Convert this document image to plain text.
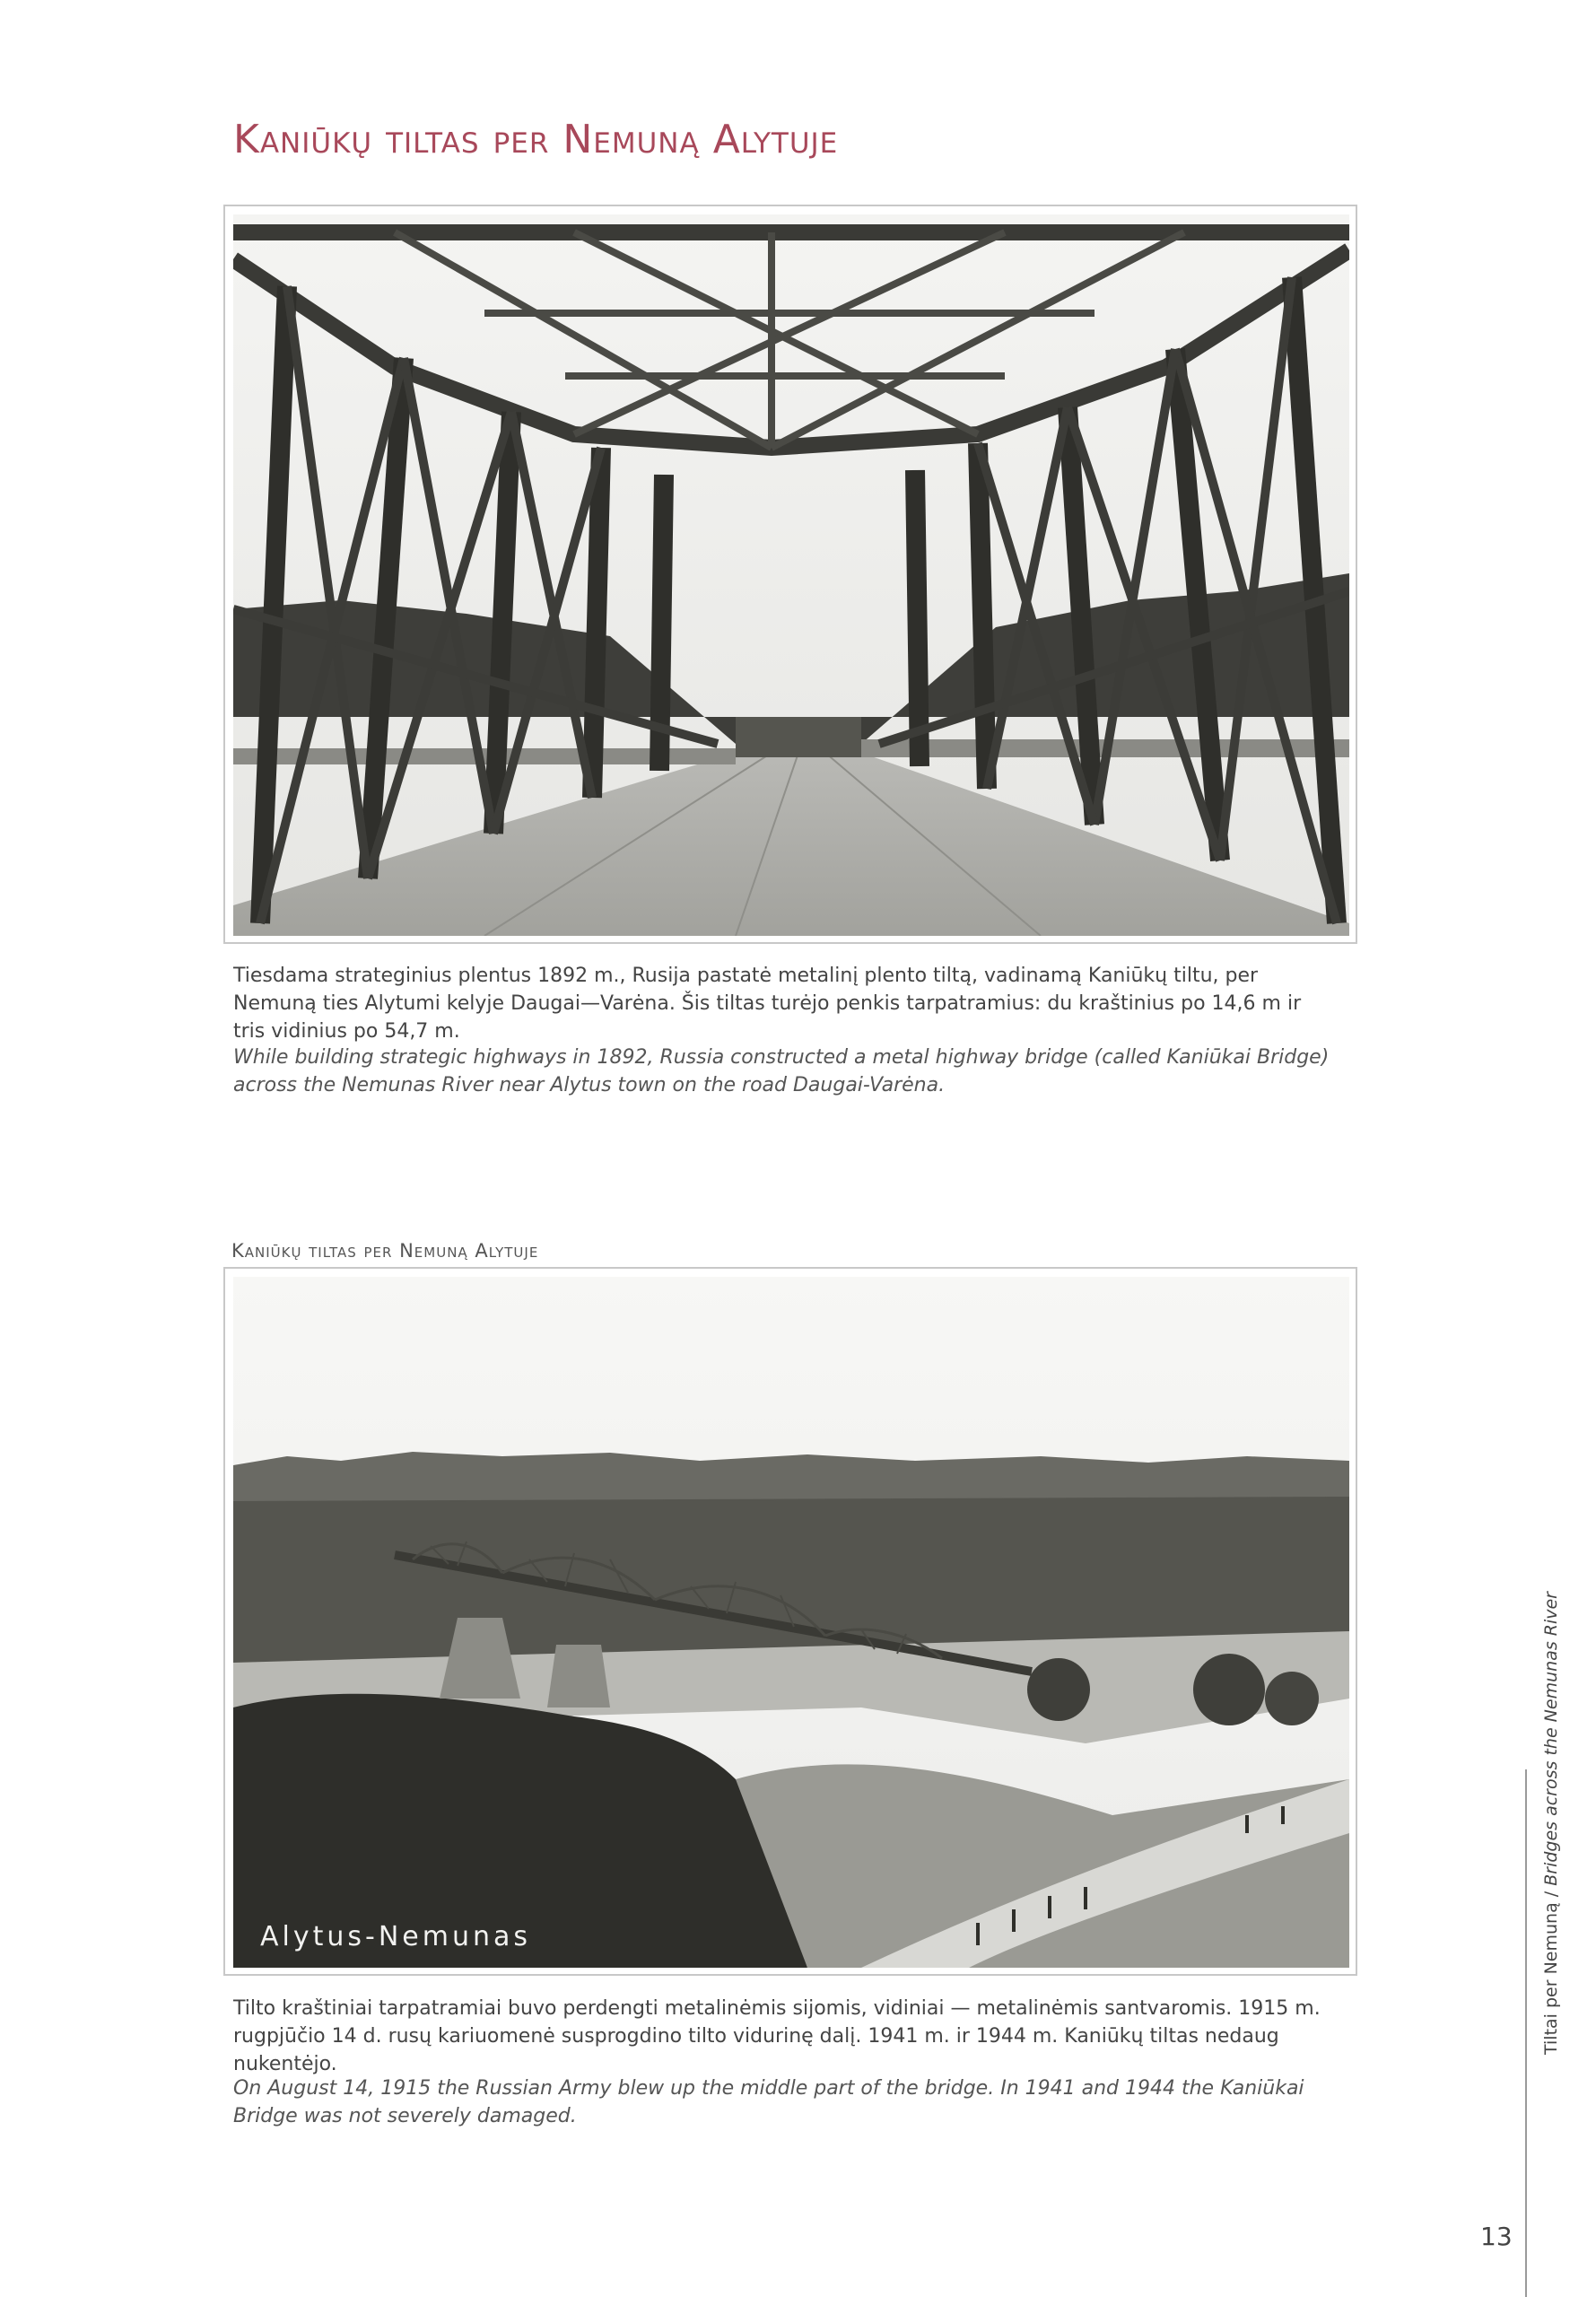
Kaniūkų tiltas per Nemuną Alytuje

Tiesdama strateginius plentus 1892 m., Rusija pastatė metalinį plento tiltą, vadinamą Kaniūkų tiltu, per Nemuną ties Alytumi kelyje Daugai—Varėna. Šis tiltas turėjo penkis tarpatramius: du kraštinius po 14,6 m ir tris vidinius po 54,7 m.

While building strategic highways in 1892, Russia constructed a metal highway bridge (called Kaniūkai Bridge) across the Nemunas River near Alytus town on the road Daugai-Varėna.

Kaniūkų tiltas per Nemuną Alytuje
Alytus-Nemunas

Tilto kraštiniai tarpatramiai buvo perdengti metalinėmis sijomis, vidiniai — metalinėmis santvaromis. 1915 m. rugpjūčio 14 d. rusų kariuomenė susprogdino tilto vidurinę dalį. 1941 m. ir 1944 m. Kaniūkų tiltas nedaug nukentėjo.

On August 14, 1915 the Russian Army blew up the middle part of the bridge. In 1941 and 1944 the Kaniūkai Bridge was not severely damaged.

Tiltai per Nemuną / Bridges across the Nemunas River

13
